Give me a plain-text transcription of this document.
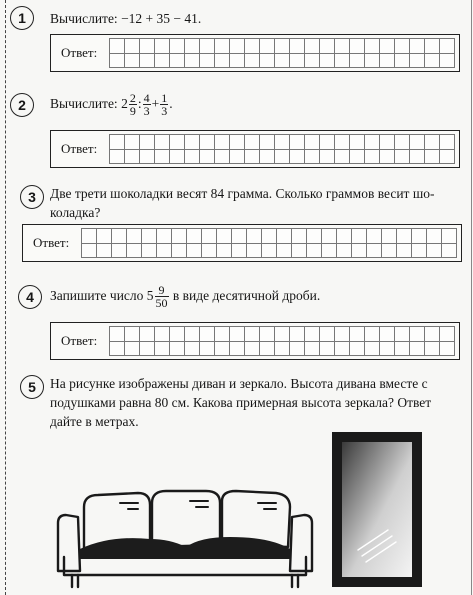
1	Вычислите: −12 + 35 − 41.
Ответ:
2	Вычислите: $2 \frac{2}{9}$ : $\frac{4}{3} + \frac{1}{3}$ .
Ответ:
3	Две трети шоколадки весят 84 грамма. Сколько граммов весит шо-
коладка?
Ответ:
4	Запишите число $5 \frac{9}{50}$ в виде десятичной дроби.
Ответ:
5	На рисунке изображены диван и зеркало. Высота дивана вместе с
подушками равна 80 см. Какова примерная высота зеркала? Ответ
дайте в метрах.
